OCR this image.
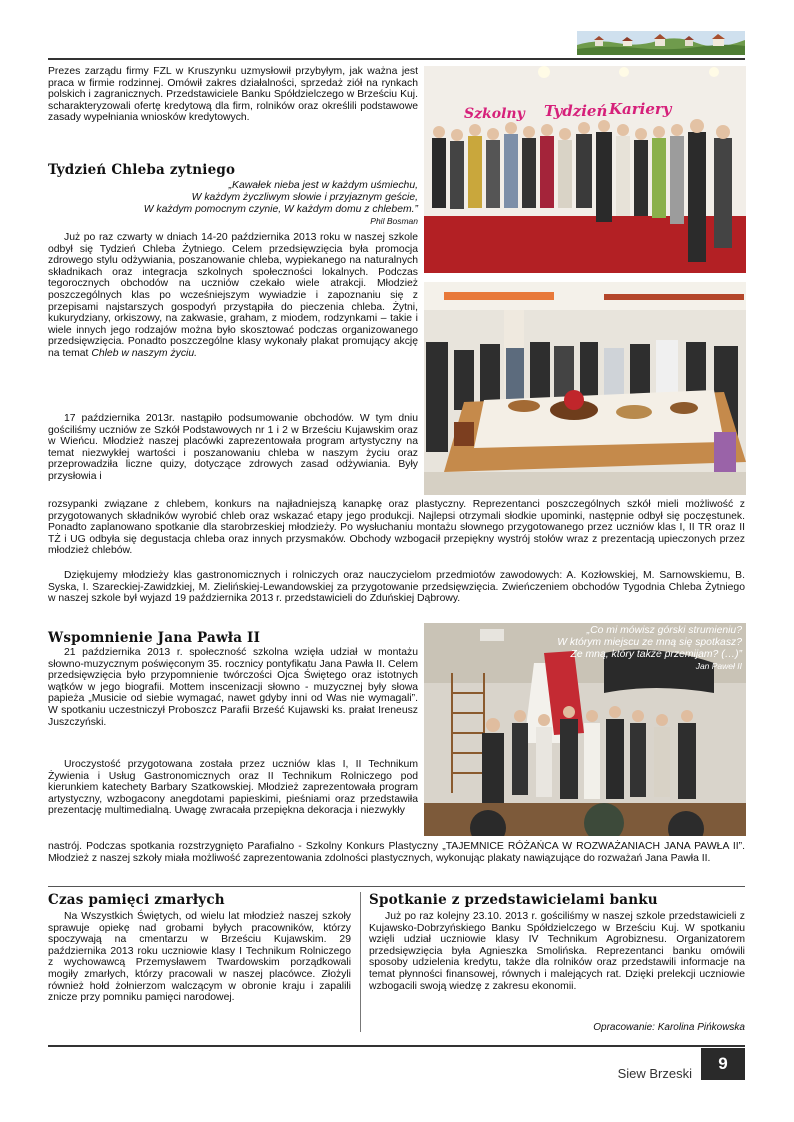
Prezes zarządu firmy FZL w Kruszynku uzmysłowił przybyłym, jak ważna jest praca w firmie rodzinnej. Omówił zakres działalności, sprzedaż ziół na rynkach polskich i zagranicznych. Przedstawiciele Banku Spółdzielczego w Brześciu Kuj. scharakteryzowali ofertę kredytową dla firm, rolników oraz określili podstawowe zasady wypełniania wniosków kredytowych.	Szkolny Tydzień Kariery
Tydzień Chleba zytniego
„Kawałek nieba jest w każdym uśmiechu,
W każdym życzliwym słowie i przyjaznym geście,
W każdym pomocnym czynie, W każdym domu z chlebem.”
Phil Bosman

Już po raz czwarty w dniach 14-20 października 2013 roku w naszej szkole odbył się Tydzień Chleba Żytniego. Celem przedsięwzięcia była promocja zdrowego stylu odżywiania, poszanowanie chleba, wypiekanego na naturalnych składnikach oraz integracja szkolnych społeczności lokalnych. Podczas tegorocznych obchodów na uczniów czekało wiele atrakcji. Młodzież poszczególnych klas po wcześniejszym wywiadzie i zapoznaniu się z przepisami najstarszych gospodyń przystąpiła do pieczenia chleba. Żytni, kukurydziany, orkiszowy, na zakwasie, graham, z miodem, rodzynkami – takie i wiele innych jego rodzajów można było skosztować podczas organizowanego przedsięwzięcia. Ponadto poszczególne klasy wykonały plakat promujący akcję na temat Chleb w naszym życiu.

17 października 2013r. nastąpiło podsumowanie obchodów. W tym dniu gościliśmy uczniów ze Szkół Podstawowych nr 1 i 2 w Brześciu Kujawskim oraz w Wieńcu. Młodzież naszej placówki zaprezentowała program artystyczny na temat niezwykłej wartości i poszanowaniu chleba w naszym życiu oraz przeprowadziła liczne quizy, dotyczące zdrowych zasad odżywiania. Były przysłowia i

rozsypanki związane z chlebem, konkurs na najładniejszą kanapkę oraz plastyczny. Reprezentanci poszczególnych szkół mieli możliwość z przygotowanych składników wyrobić chleb oraz wskazać etapy jego produkcji. Najlepsi otrzymali słodkie upominki, następnie odbył się poczęstunek. Ponadto zaplanowano spotkanie dla starobrzeskiej młodzieży. Po wysłuchaniu montażu słownego przygotowanego przez uczniów klas I, II TR oraz II TŻ i UG odbyła się degustacja chleba oraz innych przysmaków. Obchody wzbogacił przepiękny wystrój stołów wraz z prezentacją upieczonych przez młodzież chlebów.

Dziękujemy młodzieży klas gastronomicznych i rolniczych oraz nauczycielom przedmiotów zawodowych: A. Kozłowskiej, M. Sarnowskiemu, B. Syska, I. Szareckiej-Zawidzkiej, M. Zielińskiej-Lewandowskiej za przygotowanie przedsięwzięcia. Zwieńczeniem obchodów Tygodnia Chleba Żytniego w naszej szkole był wyjazd 19 października 2013 r. przedstawicieli do Zduńskiej Dąbrowy.

Wspomnienie Jana Pawła II

21 października 2013 r. społeczność szkolna wzięła udział w montażu słowno-muzycznym poświęconym 35. rocznicy pontyfikatu Jana Pawła II. Celem przedsięwzięcia było przypomnienie twórczości Ojca Świętego oraz istotnych wątków w jego biografii. Mottem inscenizacji słowno - muzycznej były słowa papieża „Musicie od siebie wymagać, nawet gdyby inni od Was nie wymagali”. W spotkaniu uczestniczył Proboszcz Parafii Brześć Kujawski ks. prałat Ireneusz Juszczyński.

Uroczystość przygotowana została przez uczniów klas I, II Technikum Żywienia i Usług Gastronomicznych oraz II Technikum Rolniczego pod kierunkiem katechety Barbary Szatkowskiej. Młodzież zaprezentowała program artystyczny, wzbogacony anegdotami papieskimi, pieśniami oraz przedstawiła prezentację multimedialną. Uwagę zwracała przepiękna dekoracja i niezwykły

„Co mi mówisz górski strumieniu?
W którym miejscu ze mną się spotkasz?
Ze mną, który także przemijam? (…)”
Jan Paweł II

nastrój. Podczas spotkania rozstrzygnięto Parafialno - Szkolny Konkurs Plastyczny „TAJEMNICE RÓŻAŃCA W ROZWAŻANIACH JANA PAWŁA II”. Młodzież z naszej szkoły miała możliwość zaprezentowania zdolności plastycznych, wykonując plakaty nawiązujące do rozważań Jana Pawła II.

Czas pamięci zmarłych

Na Wszystkich Świętych, od wielu lat młodzież naszej szkoły sprawuje opiekę nad grobami byłych pracowników, którzy spoczywają na cmentarzu w Brześciu Kujawskim. 29 października 2013 roku uczniowie klasy I Technikum Rolniczego z wychowawcą Przemysławem Twardowskim porządkowali mogiły zmarłych, którzy pracowali w naszej placówce. Złożyli również hołd żołnierzom walczącym w obronie kraju i zapalili znicze przy pomniku pamięci narodowej.

Spotkanie z przedstawicielami banku

Już po raz kolejny 23.10. 2013 r. gościliśmy w naszej szkole przedstawicieli z Kujawsko-Dobrzyńskiego Banku Spółdzielczego w Brześciu Kuj. W spotkaniu wzięli udział uczniowie klasy IV Technikum Agrobiznesu. Organizatorem przedsięwzięcia była Agnieszka Smolińska. Reprezentanci banku omówili sposoby udzielenia kredytu, także dla rolników oraz przedstawili informacje na temat płynności finansowej, równych i malejących rat. Dzięki prelekcji uczniowie wzbogacili swoją wiedzę z zakresu ekonomii.

Opracowanie: Karolina Pińkowska
Siew Brzeski
9
